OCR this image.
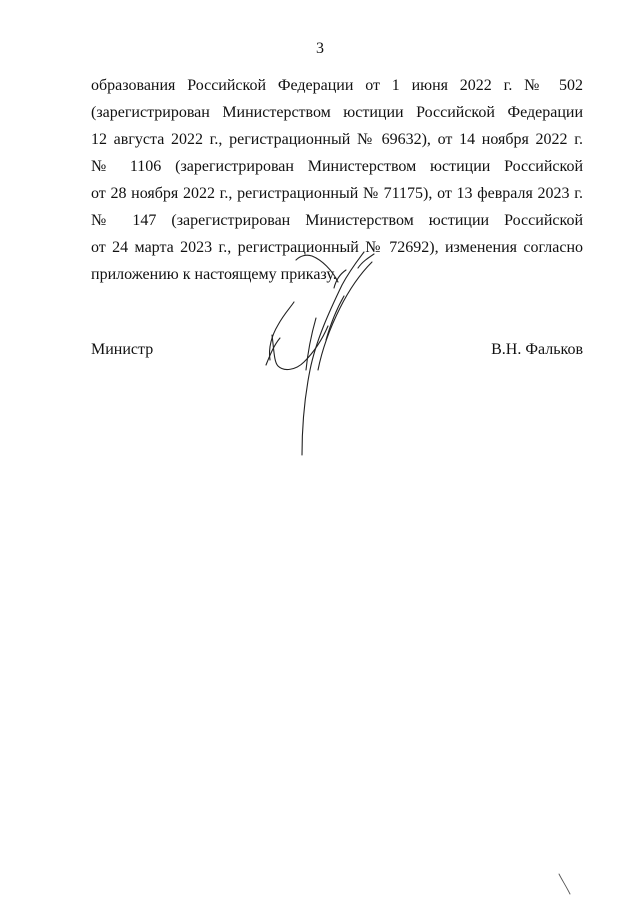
3
образования Российской Федерации от 1 июня 2022 г. № 502
(зарегистрирован Министерством юстиции Российской Федерации
12 августа 2022 г., регистрационный № 69632), от 14 ноября 2022 г.
№ 1106 (зарегистрирован Министерством юстиции Российской
от 28 ноября 2022 г., регистрационный № 71175), от 13 февраля 2023 г.
№ 147 (зарегистрирован Министерством юстиции Российской
от 24 марта 2023 г., регистрационный № 72692), изменения согласно
приложению к настоящему приказу.
Министр	В.Н. Фальков
